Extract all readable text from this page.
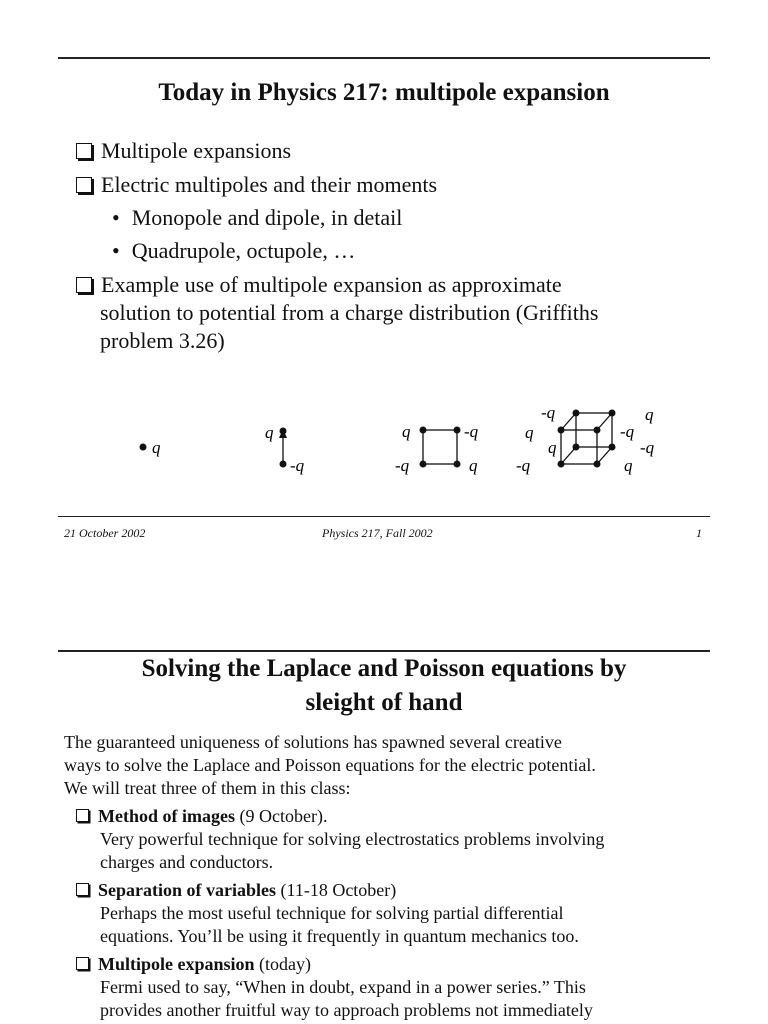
Today in Physics 217: multipole expansion
Multipole expansions
Electric multipoles and their moments
• Monopole and dipole, in detail
• Quadrupole, octupole, …
Example use of multipole expansion as approximate
solution to potential from a charge distribution (Griffiths
problem 3.26)
q
q
-q
q	-q
-q	q
-q	q
q	-q
q	-q
-q	q
21 October 2002	Physics 217, Fall 2002	1
Solving the Laplace and Poisson equations by
sleight of hand
The guaranteed uniqueness of solutions has spawned several creative
ways to solve the Laplace and Poisson equations for the electric potential.
We will treat three of them in this class:
Method of images (9 October).
Very powerful technique for solving electrostatics problems involving
charges and conductors.
Separation of variables (11-18 October)
Perhaps the most useful technique for solving partial differential
equations. You’ll be using it frequently in quantum mechanics too.
Multipole expansion (today)
Fermi used to say, “When in doubt, expand in a power series.” This
provides another fruitful way to approach problems not immediately
